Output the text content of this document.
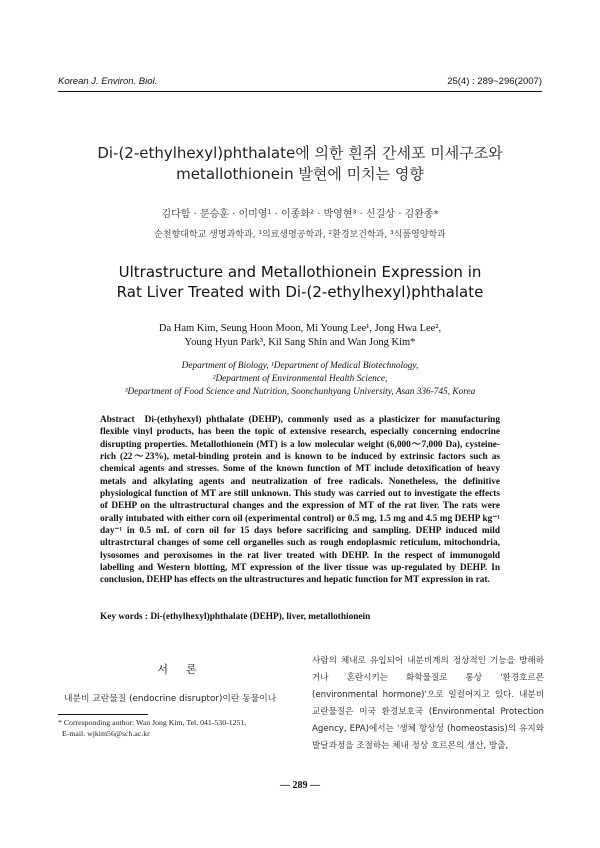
Korean J. Environ. Biol.	25(4) : 289~296(2007)
Di-(2-ethylhexyl)phthalate에 의한 흰쥐 간세포 미세구조와
metallothionein 발현에 미치는 영향
김다함 · 문승훈 · 이미영¹ · 이종화² · 박영현³ · 신길상 · 김완종*
순천향대학교 생명과학과, ¹의료생명공학과, ²환경보건학과, ³식품영양학과
Ultrastructure and Metallothionein Expression in
Rat Liver Treated with Di-(2-ethylhexyl)phthalate
Da Ham Kim, Seung Hoon Moon, Mi Young Lee¹, Jong Hwa Lee²,
Young Hyun Park³, Kil Sang Shin and Wan Jong Kim*
Department of Biology, ¹Department of Medical Biotechnology,
²Department of Environmental Health Science,
³Department of Food Science and Nutrition, Soonchunhyang University, Asan 336-745, Korea
Abstract Di-(ethyhexyl) phthalate (DEHP), commonly used as a plasticizer for manufacturing flexible vinyl products, has been the topic of extensive research, especially concerning endocrine disrupting properties. Metallothionein (MT) is a low molecular weight (6,000～7,000 Da), cysteine-rich (22～23%), metal-binding protein and is known to be induced by extrinsic factors such as chemical agents and stresses. Some of the known function of MT include detoxification of heavy metals and alkylating agents and neutralization of free radicals. Nonetheless, the definitive physiological function of MT are still unknown. This study was carried out to investigate the effects of DEHP on the ultrastructural changes and the expression of MT of the rat liver. The rats were orally intubated with either corn oil (experimental control) or 0.5 mg, 1.5 mg and 4.5 mg DEHP kg⁻¹ day⁻¹ in 0.5 mL of corn oil for 15 days before sacrificing and sampling. DEHP induced mild ultrastrctural changes of some cell organelles such as rough endoplasmic reticulum, mitochondria, lysosomes and peroxisomes in the rat liver treated with DEHP. In the respect of immunogold labelling and Western blotting, MT expression of the liver tissue was up-regulated by DEHP. In conclusion, DEHP has effects on the ultrastructures and hepatic function for MT expression in rat.
Key words : Di-(ethylhexyl)phthalate (DEHP), liver, metallothionein
서론
내분비 교란물질 (endocrine disruptor)이란 동물이나
* Corresponding author: Wan Jong Kim, Tel. 041-530-1251,
E-mail. wjkim56@sch.ac.kr
사람의 체내로 유입되어 내분비계의 정상적인 기능을 방해하거나 혼란시키는 화학물질로 통상 '환경호르몬 (environmental hormone)'으로 일컬어지고 있다. 내분비 교란물질은 미국 환경보호국 (Environmental Protection Agency, EPA)에서는 '생체 항상성 (homeostasis)의 유지와 발달과정을 조절하는 체내 정상 호르몬의 생산, 방출,
— 289 —
